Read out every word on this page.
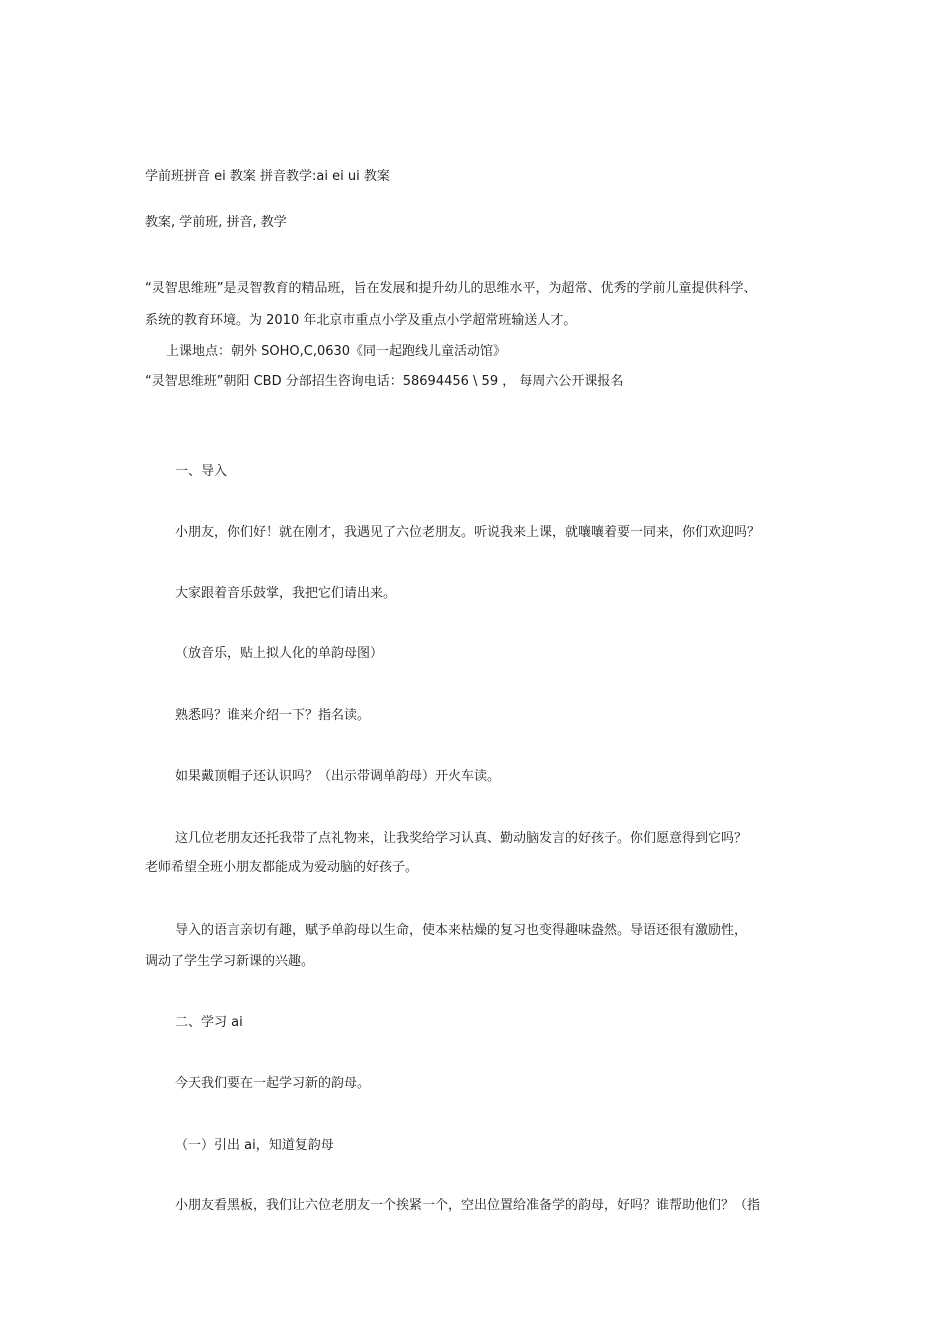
学前班拼音 ei 教案 拼音教学:ai ei ui 教案

教案, 学前班, 拼音, 教学

“灵智思维班”是灵智教育的精品班，旨在发展和提升幼儿的思维水平，为超常、优秀的学前儿童提供科学、

系统的教育环境。为 2010 年北京市重点小学及重点小学超常班输送人才。

上课地点：朝外 SOHO,C,0630《同一起跑线儿童活动馆》

“灵智思维班”朝阳 CBD 分部招生咨询电话：58694456 \ 59 ， 每周六公开课报名

一、导入

小朋友，你们好！就在刚才，我遇见了六位老朋友。听说我来上课，就嚷嚷着要一同来，你们欢迎吗？

大家跟着音乐鼓掌，我把它们请出来。

（放音乐，贴上拟人化的单韵母图）

熟悉吗？谁来介绍一下？指名读。

如果戴顶帽子还认识吗？（出示带调单韵母）开火车读。

这几位老朋友还托我带了点礼物来，让我奖给学习认真、勤动脑发言的好孩子。你们愿意得到它吗？

老师希望全班小朋友都能成为爱动脑的好孩子。

导入的语言亲切有趣，赋予单韵母以生命，使本来枯燥的复习也变得趣味盎然。导语还很有激励性，

调动了学生学习新课的兴趣。

二、学习 ai

今天我们要在一起学习新的韵母。

（一）引出 ai，知道复韵母

小朋友看黑板，我们让六位老朋友一个挨紧一个，空出位置给准备学的韵母，好吗？谁帮助他们？（指
